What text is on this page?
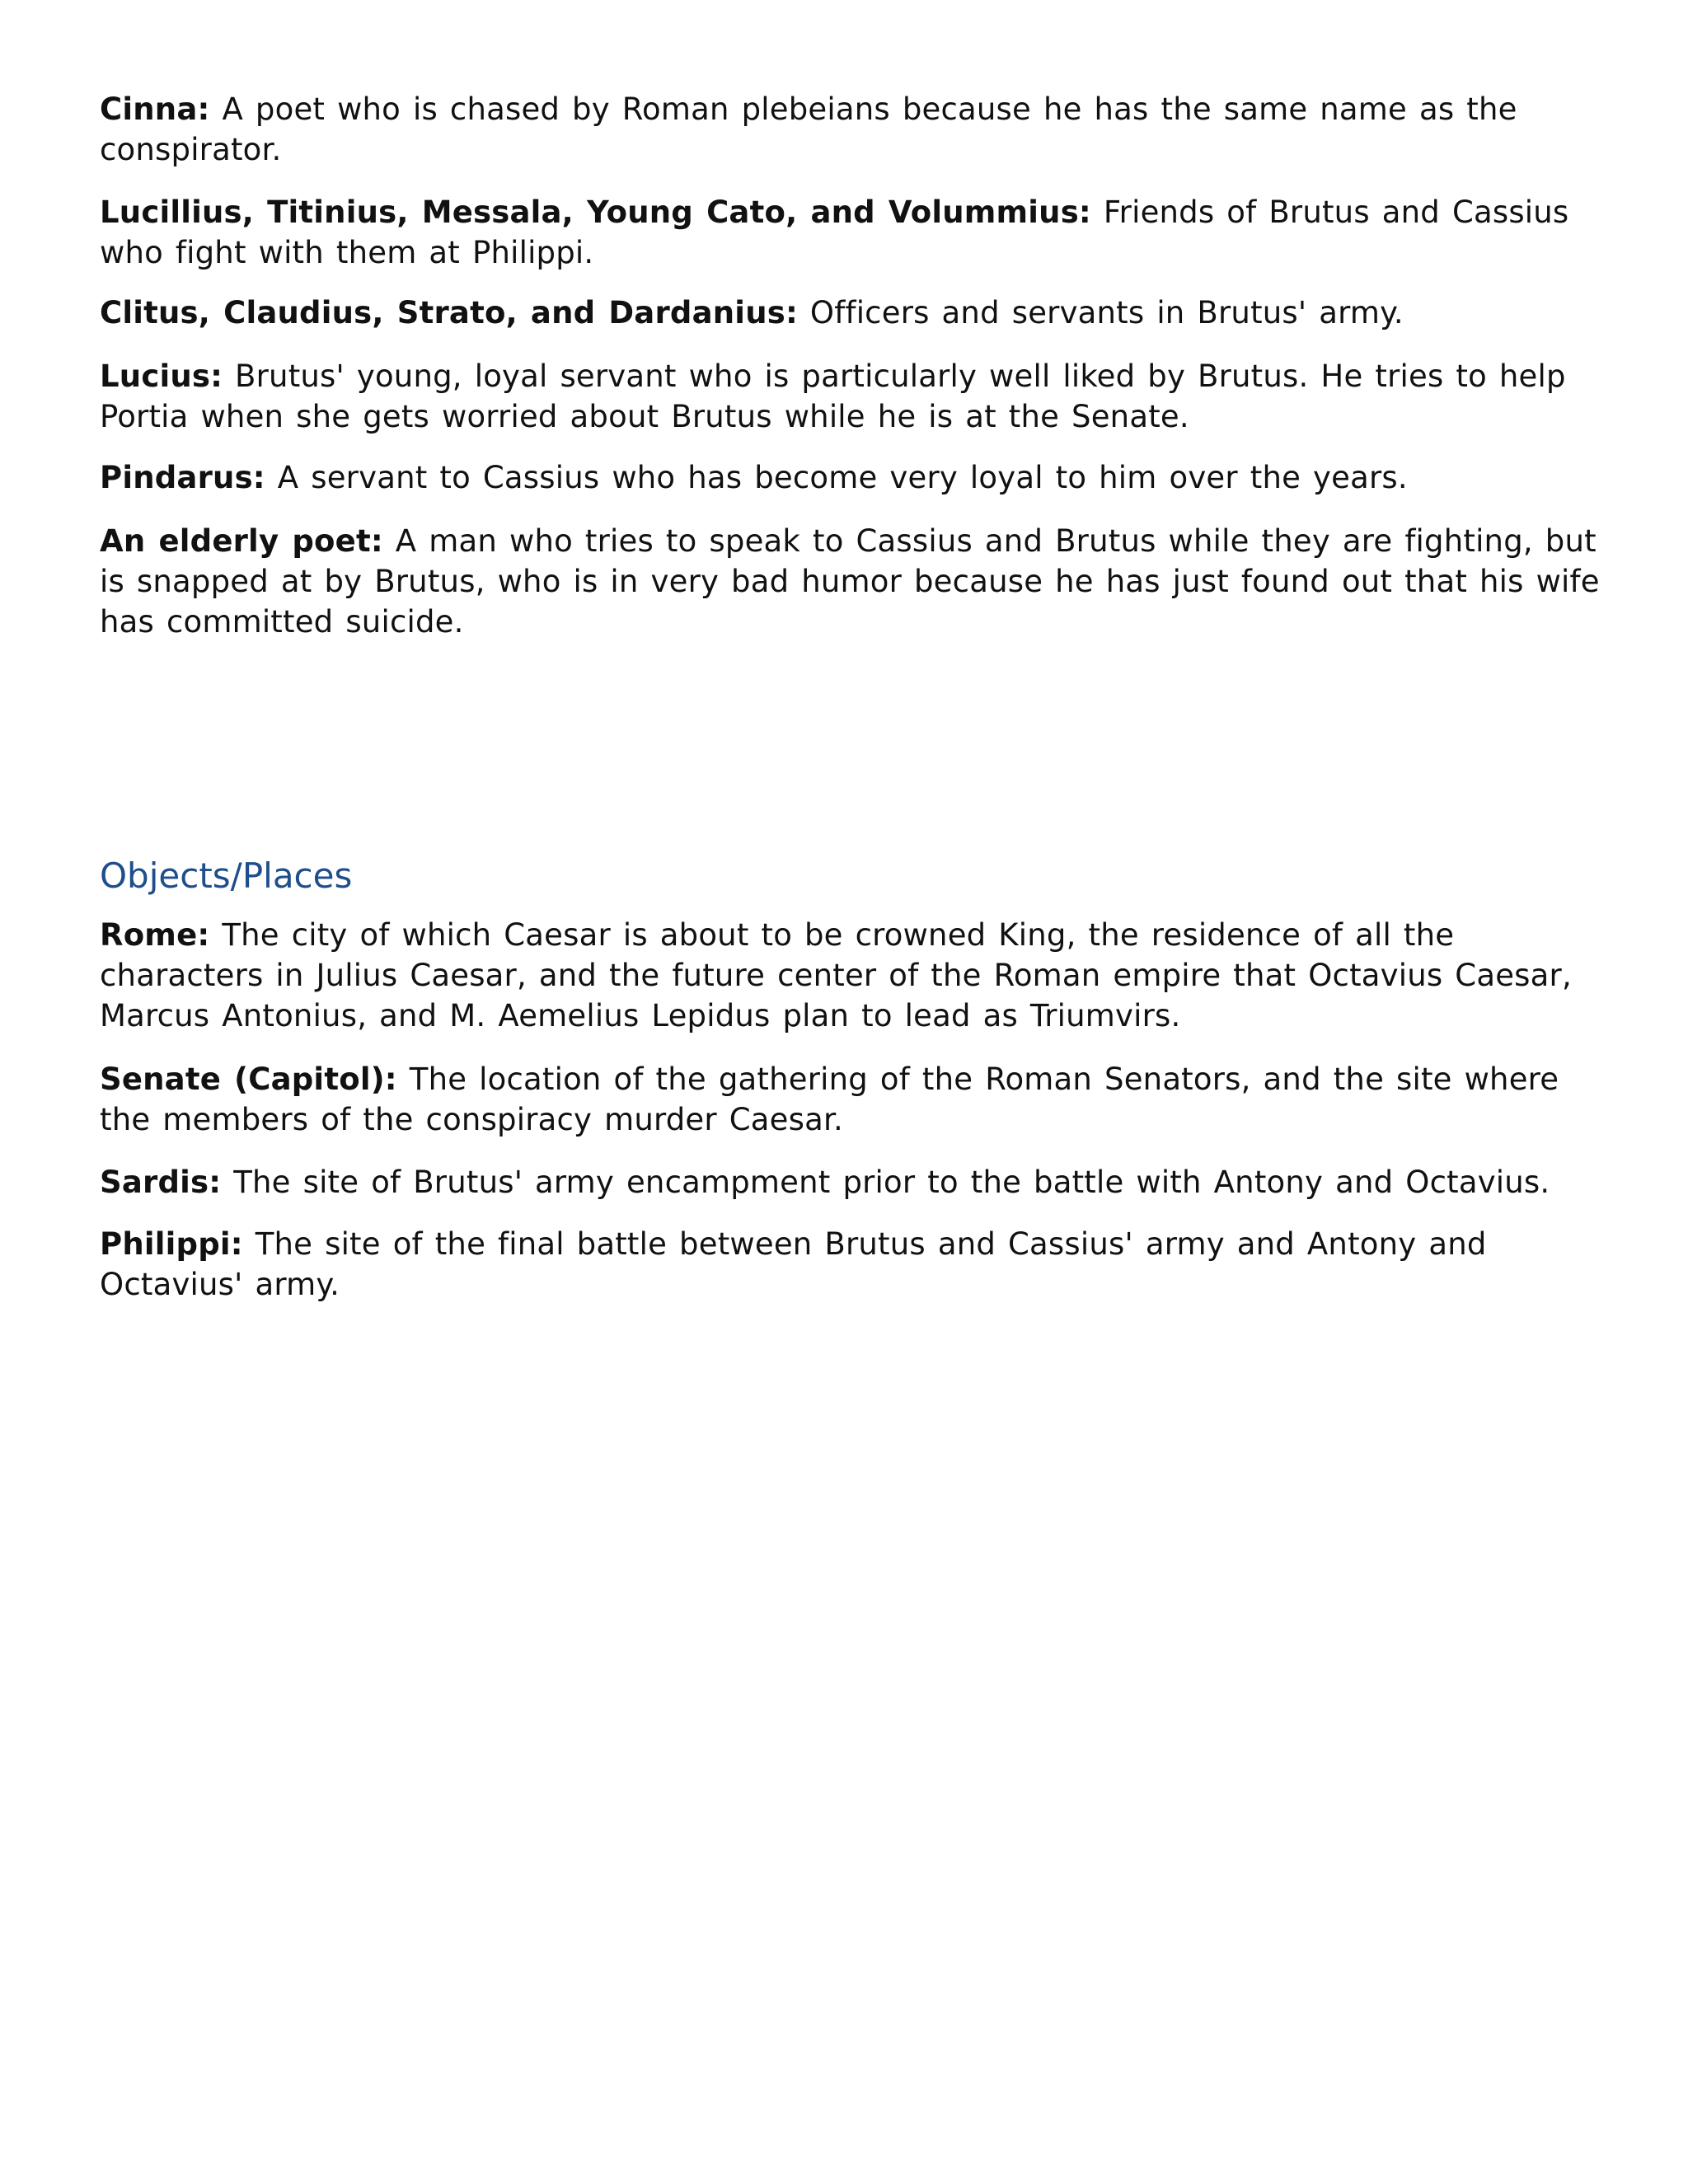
Cinna: A poet who is chased by Roman plebeians because he has the same name as the conspirator.

Lucillius, Titinius, Messala, Young Cato, and Volummius: Friends of Brutus and Cassius who fight with them at Philippi.

Clitus, Claudius, Strato, and Dardanius: Officers and servants in Brutus' army.

Lucius: Brutus' young, loyal servant who is particularly well liked by Brutus. He tries to help Portia when she gets worried about Brutus while he is at the Senate.

Pindarus: A servant to Cassius who has become very loyal to him over the years.

An elderly poet: A man who tries to speak to Cassius and Brutus while they are fighting, but is snapped at by Brutus, who is in very bad humor because he has just found out that his wife has committed suicide.

Objects/Places

Rome: The city of which Caesar is about to be crowned King, the residence of all the characters in Julius Caesar, and the future center of the Roman empire that Octavius Caesar, Marcus Antonius, and M. Aemelius Lepidus plan to lead as Triumvirs.

Senate (Capitol): The location of the gathering of the Roman Senators, and the site where the members of the conspiracy murder Caesar.

Sardis: The site of Brutus' army encampment prior to the battle with Antony and Octavius.

Philippi: The site of the final battle between Brutus and Cassius' army and Antony and Octavius' army.
